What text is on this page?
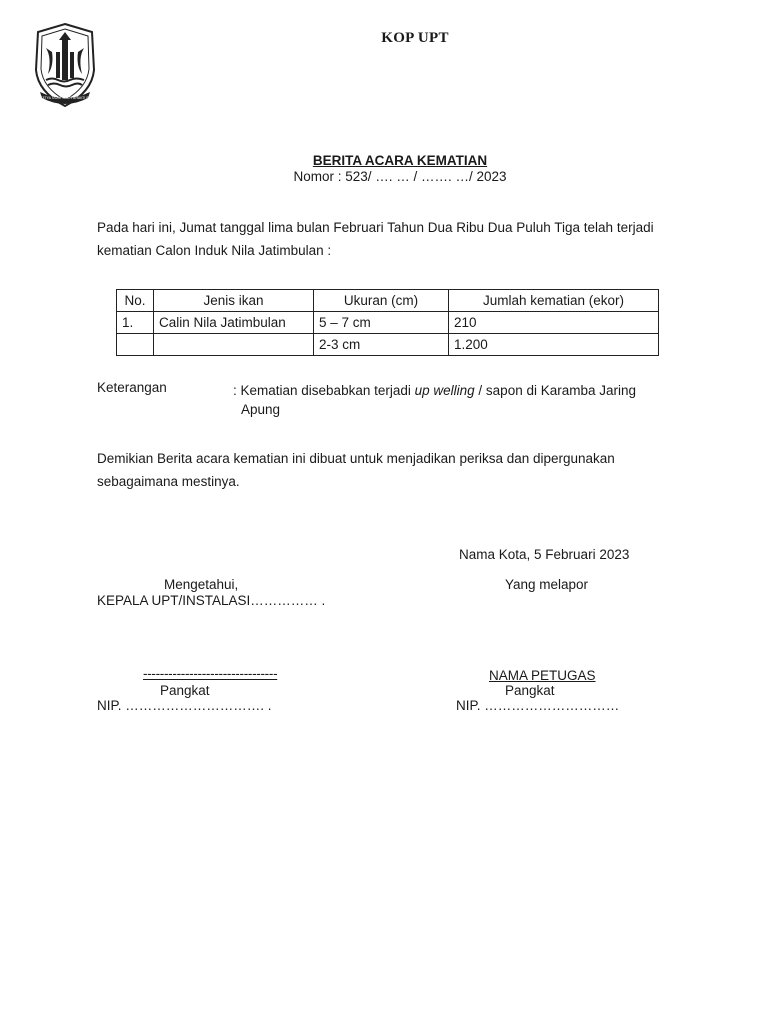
PRASETYA ULAH SAKTI BHAKTI PRAJA
KOP UPT
BERITA ACARA KEMATIAN
Nomor : 523/ …. … / ……. …/ 2023
Pada hari ini, Jumat tanggal lima bulan Februari Tahun Dua Ribu Dua Puluh Tiga telah terjadi kematian Calon Induk Nila Jatimbulan :
No.	Jenis ikan	Ukuran (cm)	Jumlah kematian (ekor)
1.	Calin Nila Jatimbulan	5 – 7 cm	210
		2-3 cm	1.200
Keterangan	: Kematian disebabkan terjadi up welling / sapon di Karamba Jaring
Apung
Demikian Berita acara kematian ini dibuat untuk menjadikan periksa dan dipergunakan
sebagaimana mestinya.
Nama Kota, 5 Februari 2023
Mengetahui,	Yang melapor
KEPALA UPT/INSTALASI…………… .
--------------------------------	NAMA PETUGAS
Pangkat	Pangkat
NIP. …………………………. .	NIP. …………………………
